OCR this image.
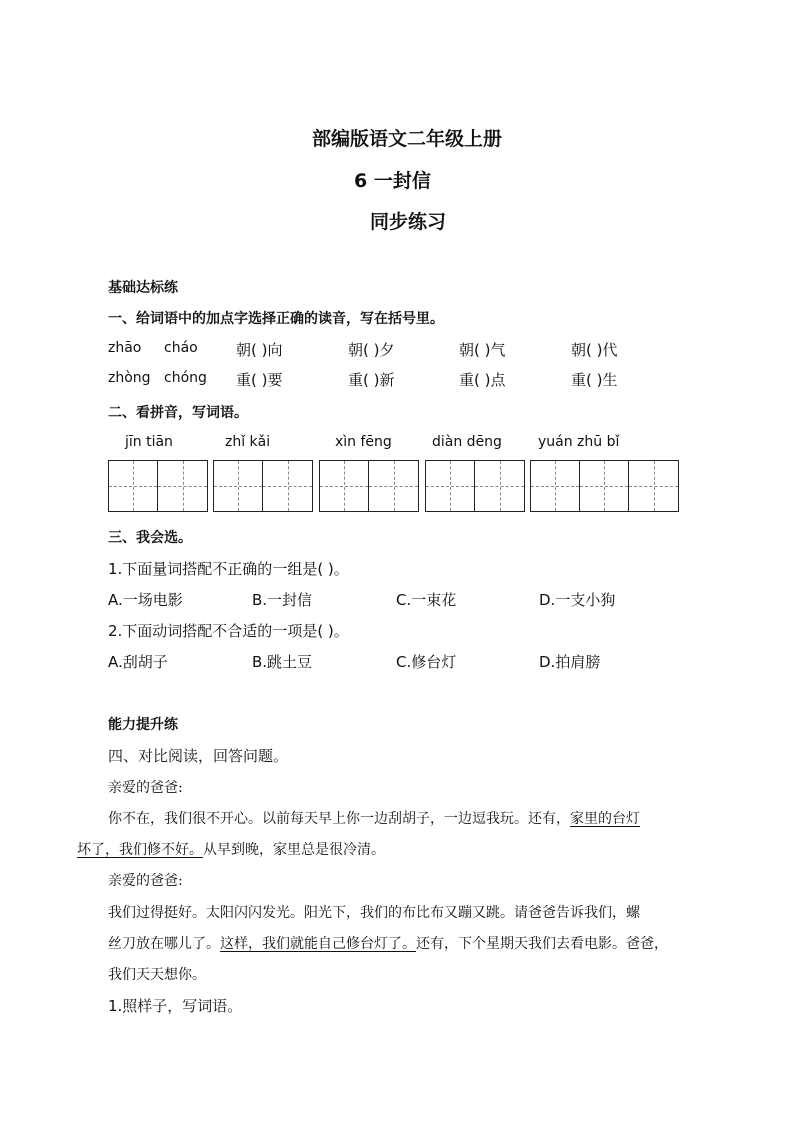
部编版语文二年级上册
6 一封信
同步练习
基础达标练
一、给词语中的加点字选择正确的读音，写在括号里。
zhāo cháo	朝( )向	朝( )夕	朝( )气	朝( )代
zhòng chóng 重( )要	重( )新	重( )点	重( )生
二、看拼音，写词语。
jīn tiān	zhǐ kǎi	xìn fēng	diàn dēng	yuán zhū bǐ
三、我会选。
1.下面量词搭配不正确的一组是( )。
A.一场电影	B.一封信	C.一束花	D.一支小狗
2.下面动词搭配不合适的一项是( )。
A.刮胡子	B.跳土豆	C.修台灯	D.拍肩膀
能力提升练
四、对比阅读，回答问题。
亲爱的爸爸:
你不在，我们很不开心。以前每天早上你一边刮胡子，一边逗我玩。还有，家里的台灯
坏了，我们修不好。从早到晚，家里总是很冷清。
亲爱的爸爸:
我们过得挺好。太阳闪闪发光。阳光下，我们的布比布又蹦又跳。请爸爸告诉我们，螺
丝刀放在哪儿了。这样，我们就能自己修台灯了。还有，下个星期天我们去看电影。爸爸，
我们天天想你。
1.照样子，写词语。
